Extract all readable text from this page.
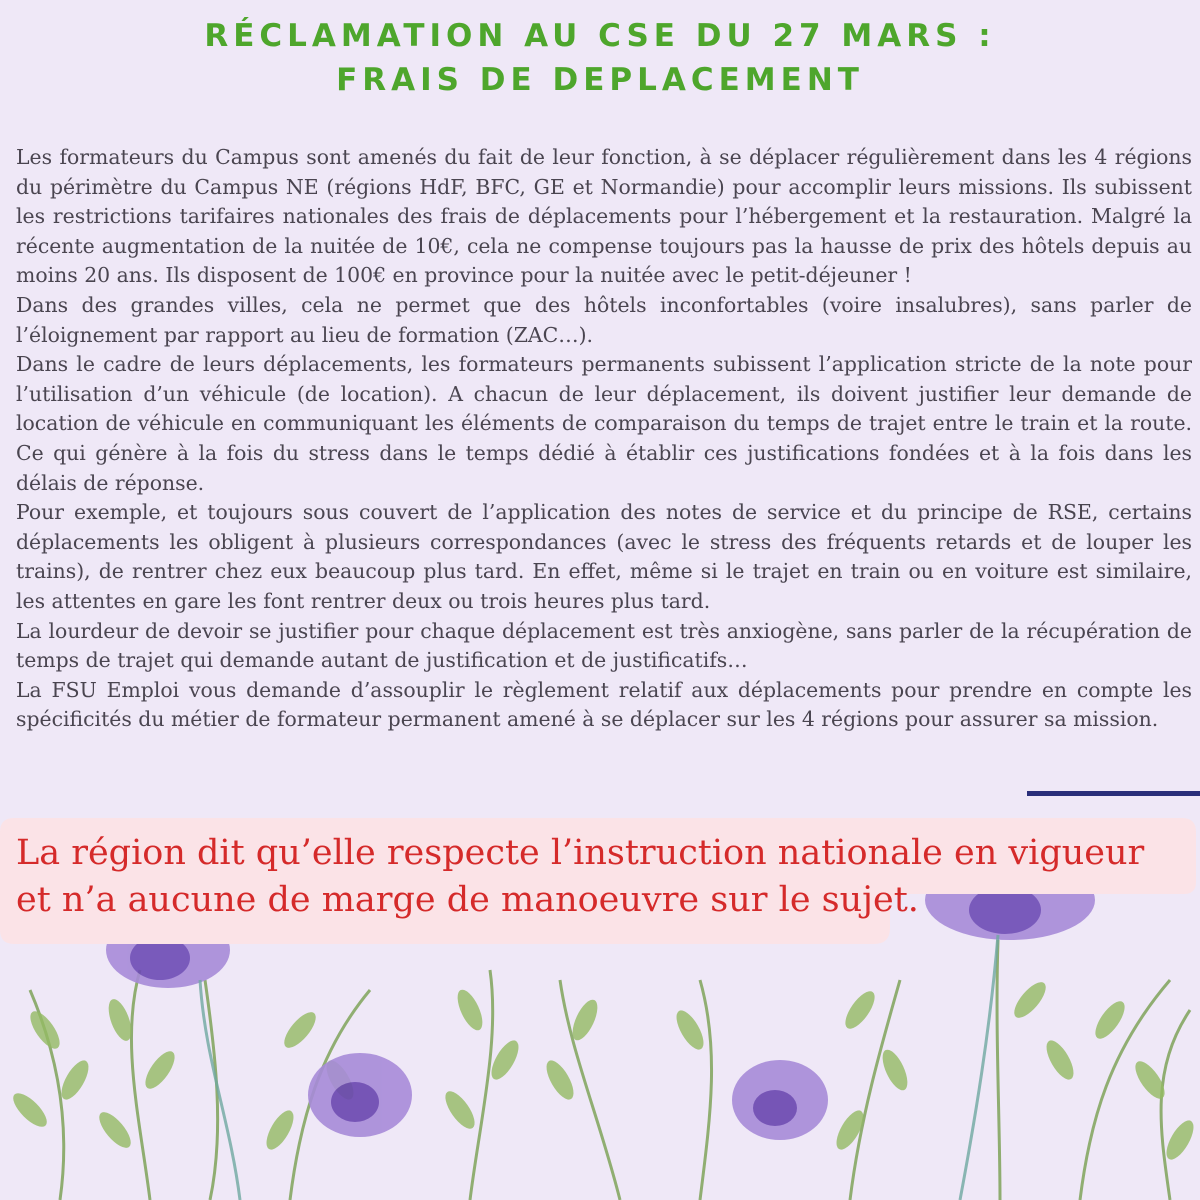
RÉCLAMATION AU CSE DU 27 MARS :
FRAIS DE DEPLACEMENT

Les formateurs du Campus sont amenés du fait de leur fonction, à se déplacer régulièrement dans les 4 régions du périmètre du Campus NE (régions HdF, BFC, GE et Normandie) pour accomplir leurs missions. Ils subissent les restrictions tarifaires nationales des frais de déplacements pour l’hébergement et la restauration. Malgré la récente augmentation de la nuitée de 10€, cela ne compense toujours pas la hausse de prix des hôtels depuis au moins 20 ans. Ils disposent de 100€ en province pour la nuitée avec le petit-déjeuner !

Dans des grandes villes, cela ne permet que des hôtels inconfortables (voire insalubres), sans parler de l’éloignement par rapport au lieu de formation (ZAC…).

Dans le cadre de leurs déplacements, les formateurs permanents subissent l’application stricte de la note pour l’utilisation d’un véhicule (de location). A chacun de leur déplacement, ils doivent justifier leur demande de location de véhicule en communiquant les éléments de comparaison du temps de trajet entre le train et la route. Ce qui génère à la fois du stress dans le temps dédié à établir ces justifications fondées et à la fois dans les délais de réponse.

Pour exemple, et toujours sous couvert de l’application des notes de service et du principe de RSE, certains déplacements les obligent à plusieurs correspondances (avec le stress des fréquents retards et de louper les trains), de rentrer chez eux beaucoup plus tard. En effet, même si le trajet en train ou en voiture est similaire, les attentes en gare les font rentrer deux ou trois heures plus tard.

La lourdeur de devoir se justifier pour chaque déplacement est très anxiogène, sans parler de la récupération de temps de trajet qui demande autant de justification et de justificatifs…

La FSU Emploi vous demande d’assouplir le règlement relatif aux déplacements pour prendre en compte les spécificités du métier de formateur permanent amené à se déplacer sur les 4 régions pour assurer sa mission.

La région dit qu’elle respecte l’instruction nationale en vigueur et n’a aucune de marge de manoeuvre sur le sujet.
